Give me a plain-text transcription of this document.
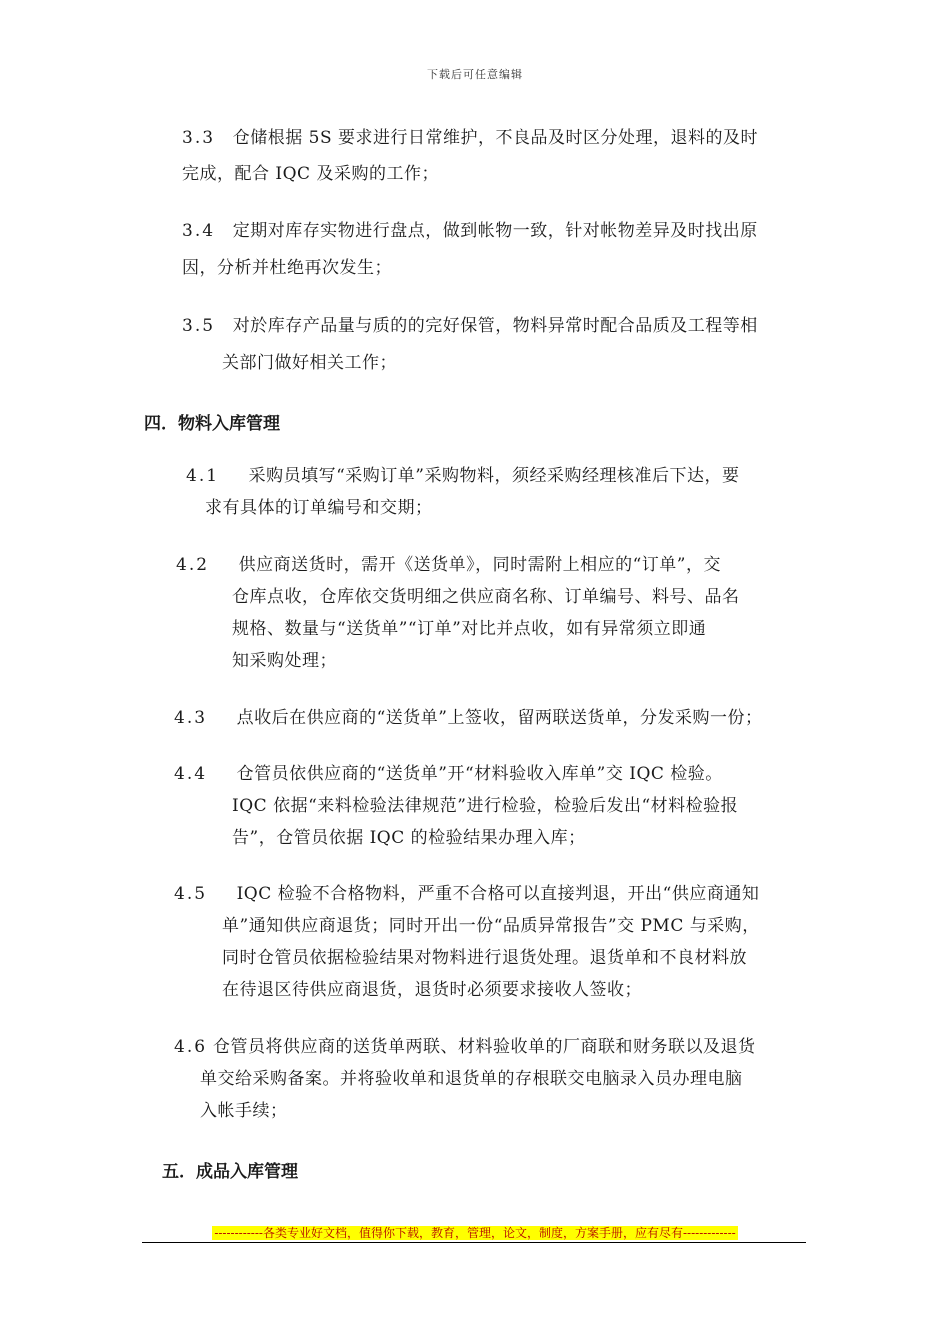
下载后可任意编辑
3.3 仓储根据 5S 要求进行日常维护，不良品及时区分处理，退料的及时
完成，配合 IQC 及采购的工作；
3.4 定期对库存实物进行盘点，做到帐物一致，针对帐物差异及时找出原
因，分析并杜绝再次发生；
3.5 对於库存产品量与质的的完好保管，物料异常时配合品质及工程等相
关部门做好相关工作；
四．物料入库管理
4.1 采购员填写“采购订单”采购物料，须经采购经理核准后下达，要
求有具体的订单编号和交期；
4.2 供应商送货时，需开《送货单》，同时需附上相应的“订单”，交
仓库点收，仓库依交货明细之供应商名称、订单编号、料号、品名
规格、数量与“送货单”“订单”对比并点收，如有异常须立即通
知采购处理；
4.3 点收后在供应商的“送货单”上签收，留两联送货单，分发采购一份；
4.4 仓管员依供应商的“送货单”开“材料验收入库单”交 IQC 检验。
IQC 依据“来料检验法律规范”进行检验，检验后发出“材料检验报
告”，仓管员依据 IQC 的检验结果办理入库；
4.5 IQC 检验不合格物料，严重不合格可以直接判退，开出“供应商通知
单”通知供应商退货；同时开出一份“品质异常报告”交 PMC 与采购，
同时仓管员依据检验结果对物料进行退货处理。退货单和不良材料放
在待退区待供应商退货，退货时必须要求接收人签收；
4.6 仓管员将供应商的送货单两联、材料验收单的厂商联和财务联以及退货
单交给采购备案。并将验收单和退货单的存根联交电脑录入员办理电脑
入帐手续；
五．成品入库管理
------------各类专业好文档，值得你下载，教育，管理，论文，制度，方案手册，应有尽有-------------
